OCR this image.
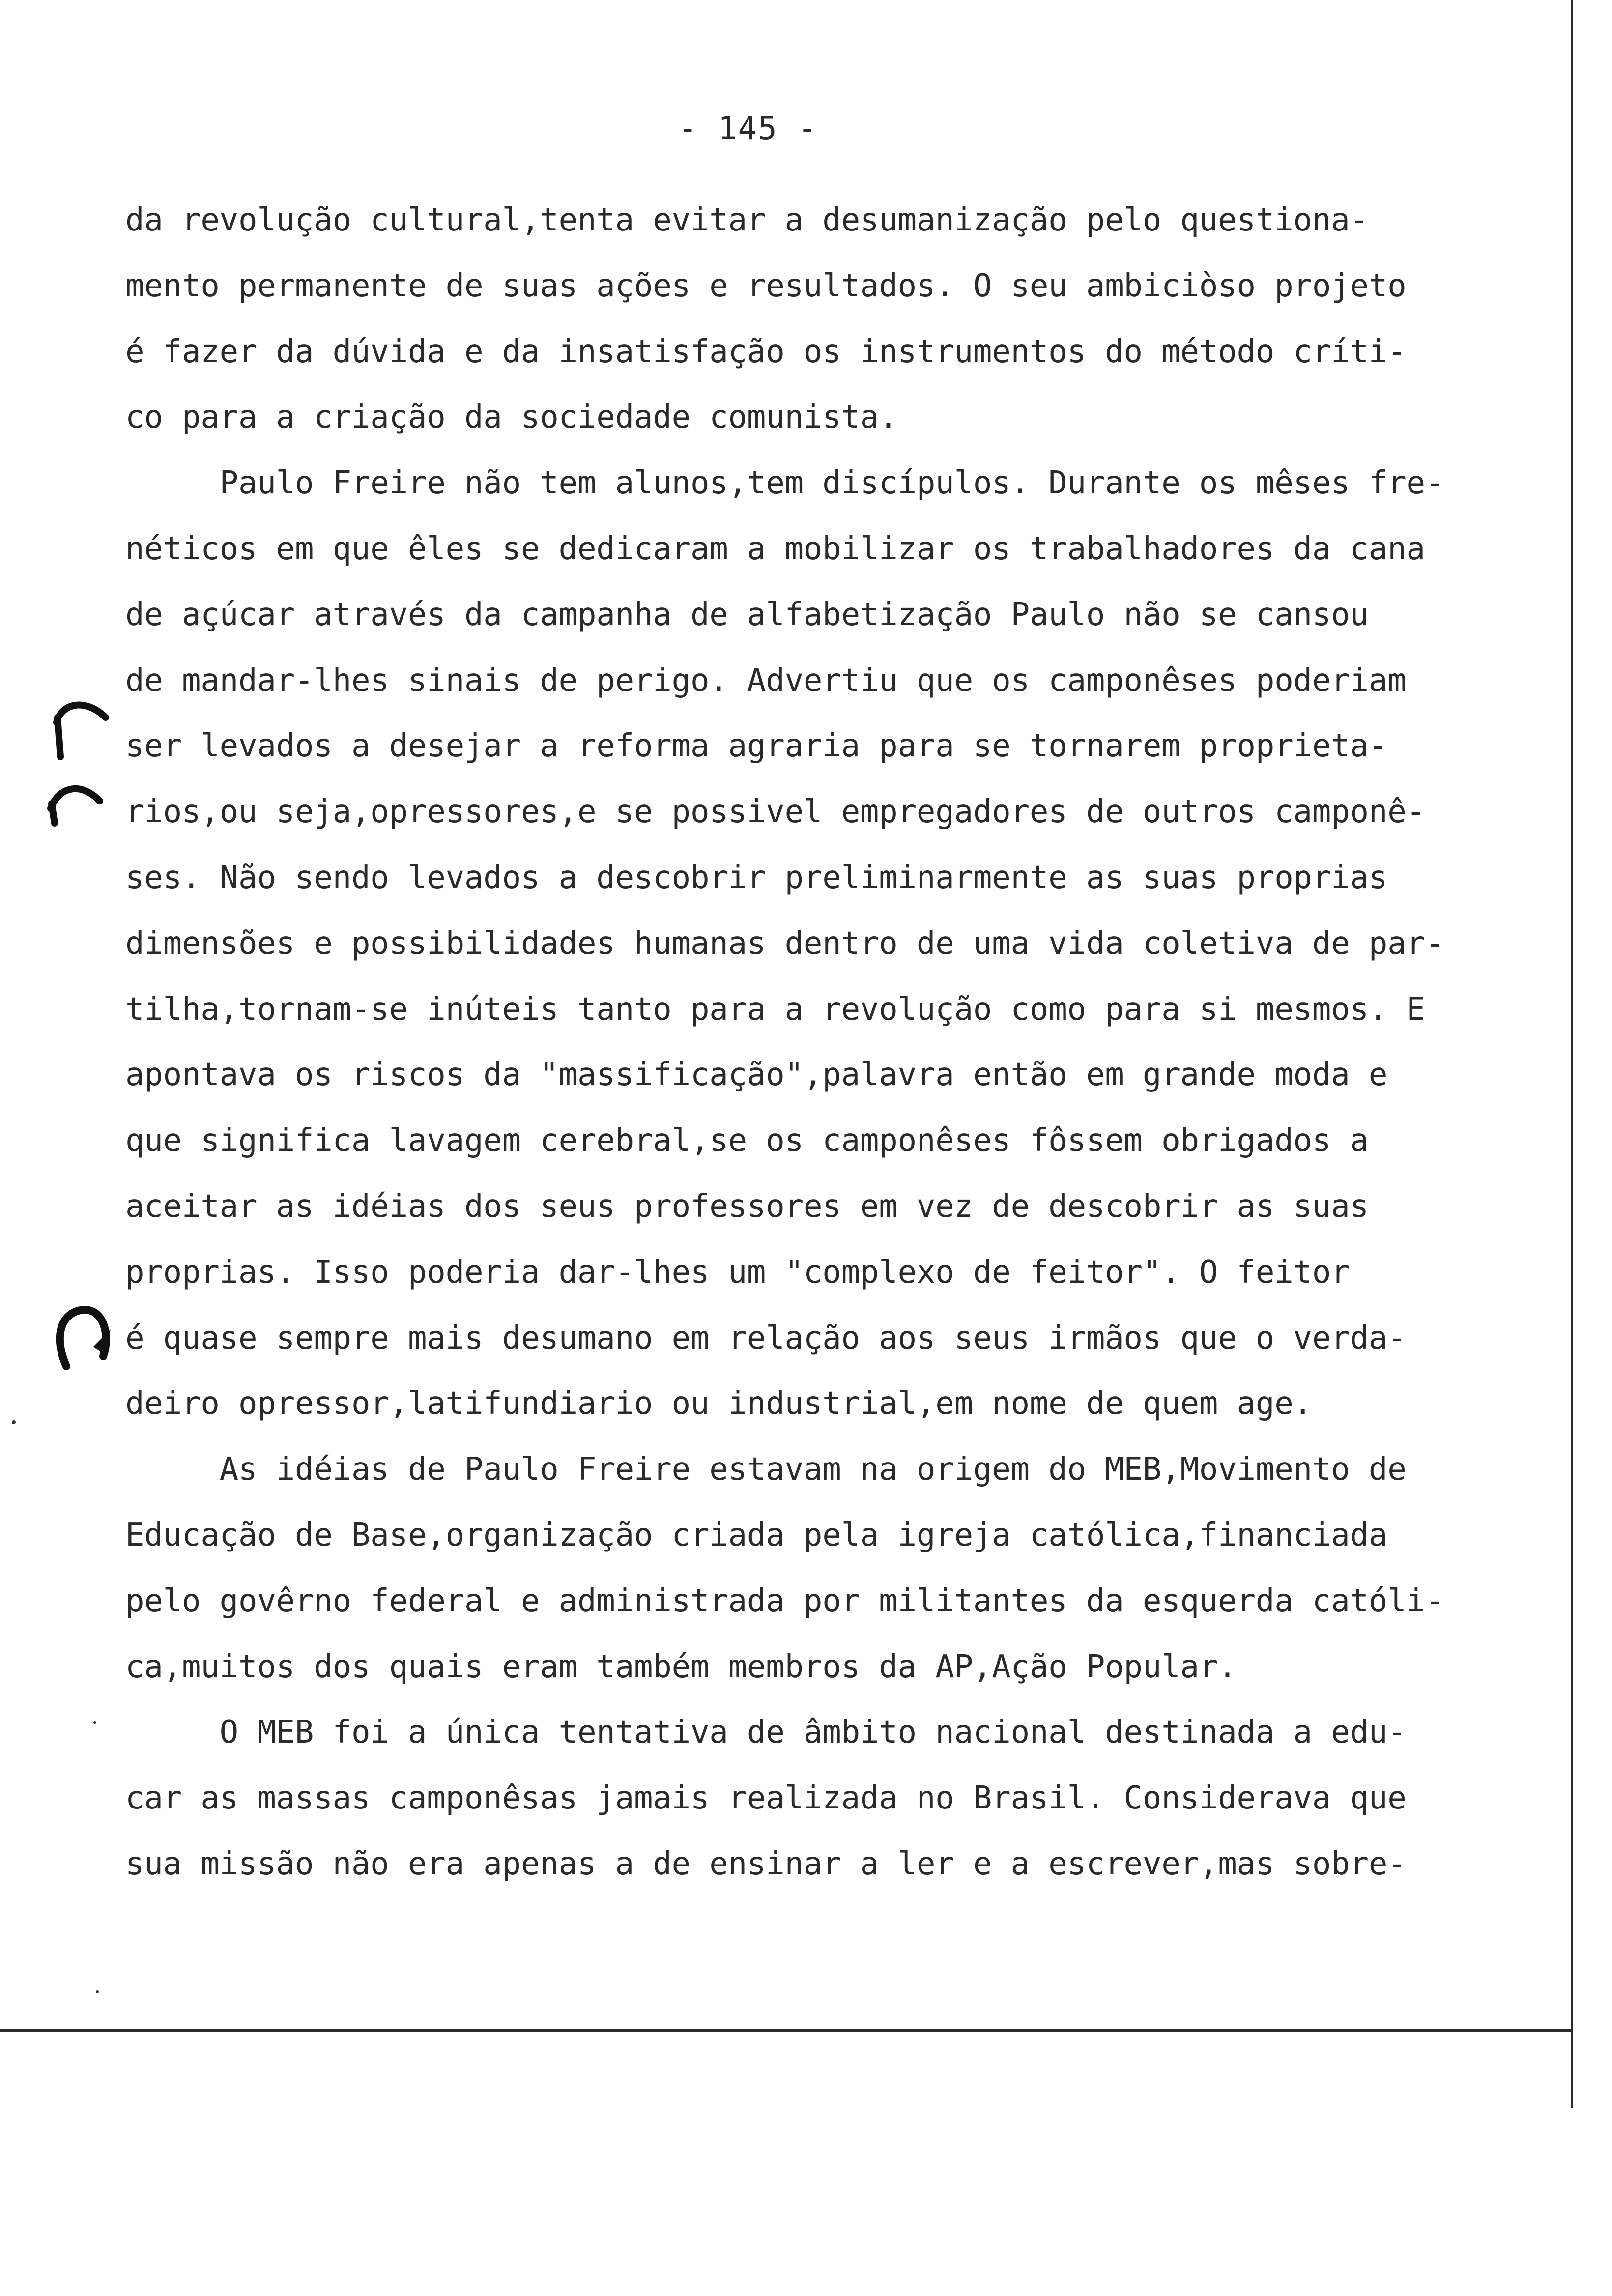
- 145 -
da revolução cultural,tenta evitar a desumanização pelo questiona-
mento permanente de suas ações e resultados. O seu ambiciòso projeto
é fazer da dúvida e da insatisfação os instrumentos do método críti-
co para a criação da sociedade comunista.
Paulo Freire não tem alunos,tem discípulos. Durante os mêses fre-
néticos em que êles se dedicaram a mobilizar os trabalhadores da cana
de açúcar através da campanha de alfabetização Paulo não se cansou
de mandar-lhes sinais de perigo. Advertiu que os camponêses poderiam
ser levados a desejar a reforma agraria para se tornarem proprieta-
rios,ou seja,opressores,e se possivel empregadores de outros camponê-
ses. Não sendo levados a descobrir preliminarmente as suas proprias
dimensões e possibilidades humanas dentro de uma vida coletiva de par-
tilha,tornam-se inúteis tanto para a revolução como para si mesmos. E
apontava os riscos da "massificação",palavra então em grande moda e
que significa lavagem cerebral,se os camponêses fôssem obrigados a
aceitar as idéias dos seus professores em vez de descobrir as suas
proprias. Isso poderia dar-lhes um "complexo de feitor". O feitor
é quase sempre mais desumano em relação aos seus irmãos que o verda-
deiro opressor,latifundiario ou industrial,em nome de quem age.
As idéias de Paulo Freire estavam na origem do MEB,Movimento de
Educação de Base,organização criada pela igreja católica,financiada
pelo govêrno federal e administrada por militantes da esquerda católi-
ca,muitos dos quais eram também membros da AP,Ação Popular.
O MEB foi a única tentativa de âmbito nacional destinada a edu-
car as massas camponêsas jamais realizada no Brasil. Considerava que
sua missão não era apenas a de ensinar a ler e a escrever,mas sobre-
